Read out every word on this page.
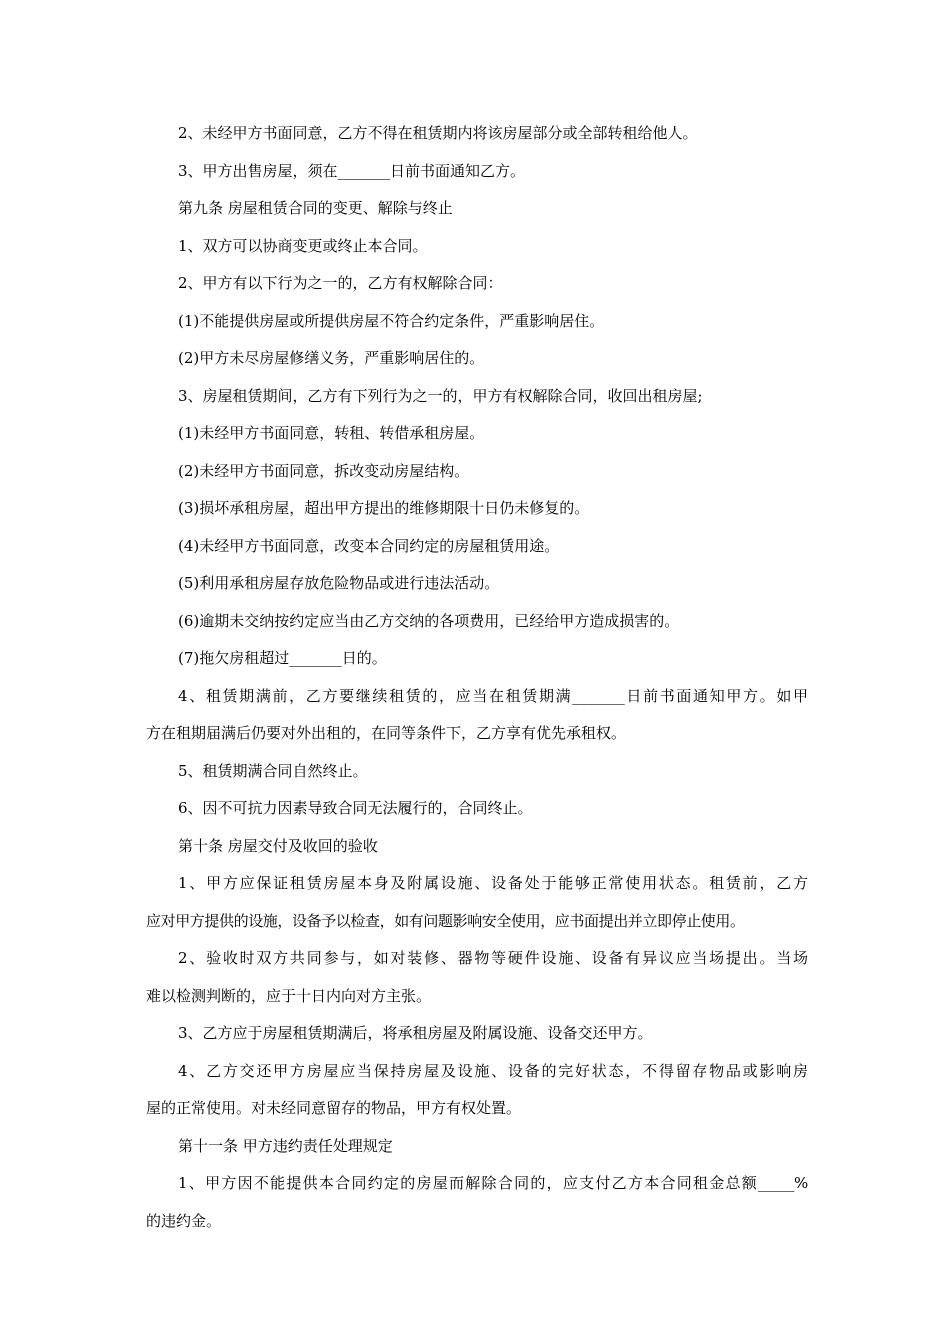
2、未经甲方书面同意，乙方不得在租赁期内将该房屋部分或全部转租给他人。
3、甲方出售房屋，须在_______日前书面通知乙方。
第九条 房屋租赁合同的变更、解除与终止
1、双方可以协商变更或终止本合同。
2、甲方有以下行为之一的，乙方有权解除合同：
(1)不能提供房屋或所提供房屋不符合约定条件，严重影响居住。
(2)甲方未尽房屋修缮义务，严重影响居住的。
3、房屋租赁期间，乙方有下列行为之一的，甲方有权解除合同，收回出租房屋;
(1)未经甲方书面同意，转租、转借承租房屋。
(2)未经甲方书面同意，拆改变动房屋结构。
(3)损坏承租房屋，超出甲方提出的维修期限十日仍未修复的。
(4)未经甲方书面同意，改变本合同约定的房屋租赁用途。
(5)利用承租房屋存放危险物品或进行违法活动。
(6)逾期未交纳按约定应当由乙方交纳的各项费用，已经给甲方造成损害的。
(7)拖欠房租超过_______日的。
4、租赁期满前，乙方要继续租赁的，应当在租赁期满_______日前书面通知甲方。如甲
方在租期届满后仍要对外出租的，在同等条件下，乙方享有优先承租权。
5、租赁期满合同自然终止。
6、因不可抗力因素导致合同无法履行的，合同终止。
第十条 房屋交付及收回的验收
1、甲方应保证租赁房屋本身及附属设施、设备处于能够正常使用状态。租赁前，乙方
应对甲方提供的设施，设备予以检查，如有问题影响安全使用，应书面提出并立即停止使用。
2、验收时双方共同参与，如对装修、器物等硬件设施、设备有异议应当场提出。当场
难以检测判断的，应于十日内向对方主张。
3、乙方应于房屋租赁期满后，将承租房屋及附属设施、设备交还甲方。
4、乙方交还甲方房屋应当保持房屋及设施、设备的完好状态，不得留存物品或影响房
屋的正常使用。对未经同意留存的物品，甲方有权处置。
第十一条 甲方违约责任处理规定
1、甲方因不能提供本合同约定的房屋而解除合同的，应支付乙方本合同租金总额_____%
的违约金。
